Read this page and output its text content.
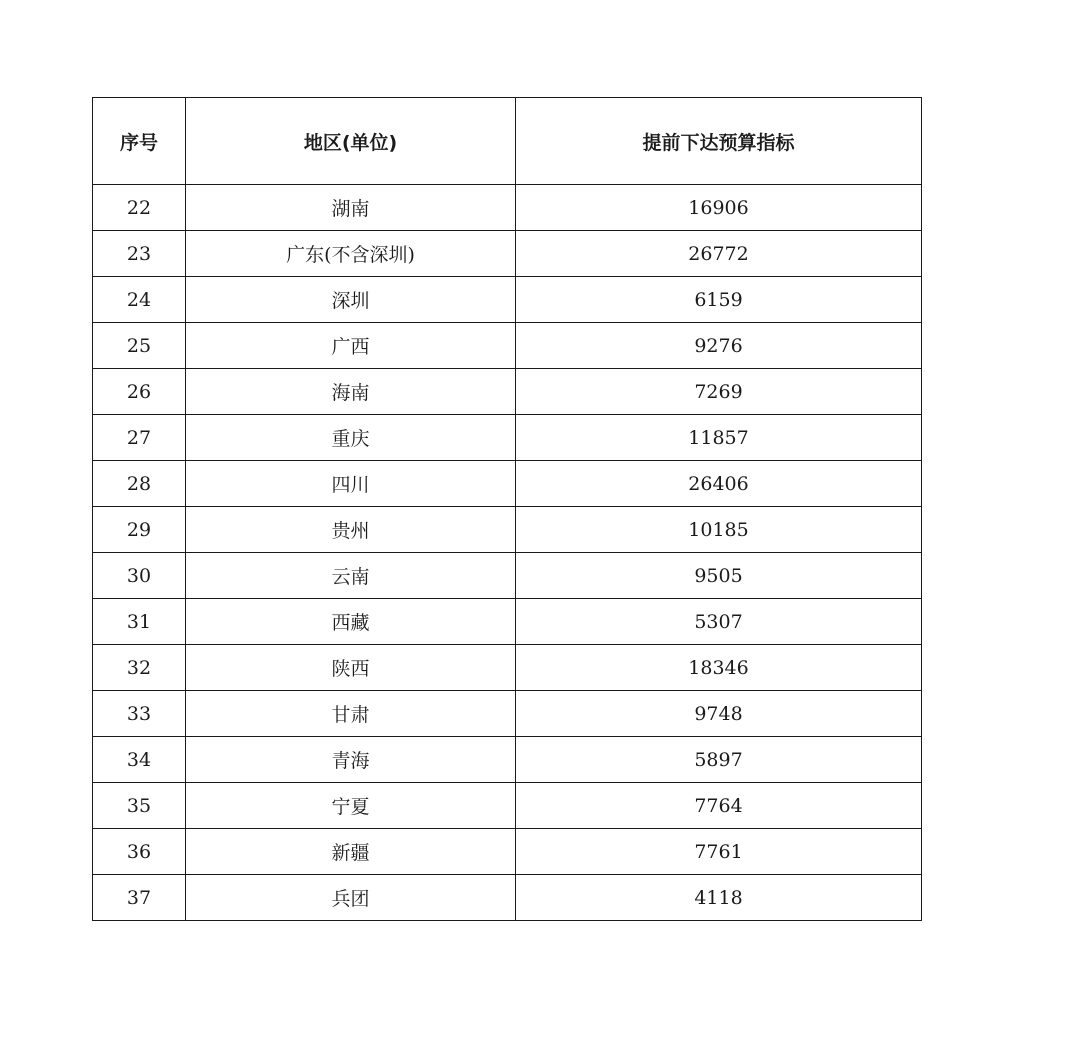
序号	地区(单位)	提前下达预算指标
22	湖南	16906
23	广东(不含深圳)	26772
24	深圳	6159
25	广西	9276
26	海南	7269
27	重庆	11857
28	四川	26406
29	贵州	10185
30	云南	9505
31	西藏	5307
32	陕西	18346
33	甘肃	9748
34	青海	5897
35	宁夏	7764
36	新疆	7761
37	兵团	4118
